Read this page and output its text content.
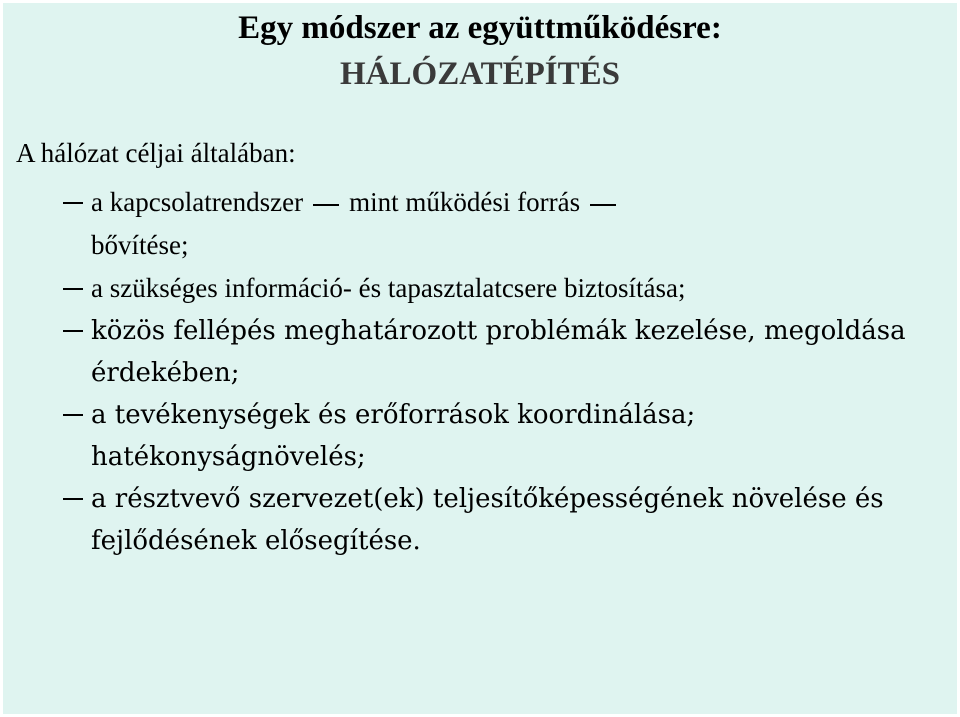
Egy módszer az együttműködésre:
HÁLÓZATÉPÍTÉS
A hálózat céljai általában:
a kapcsolatrendszer mint működési forrás
bővítése;
a szükséges információ- és tapasztalatcsere biztosítása;
közös fellépés meghatározott problémák kezelése, megoldása érdekében;
a tevékenységek és erőforrások koordinálása; hatékonyságnövelés;
a résztvevő szervezet(ek) teljesítőképességének növelése és fejlődésének elősegítése.
